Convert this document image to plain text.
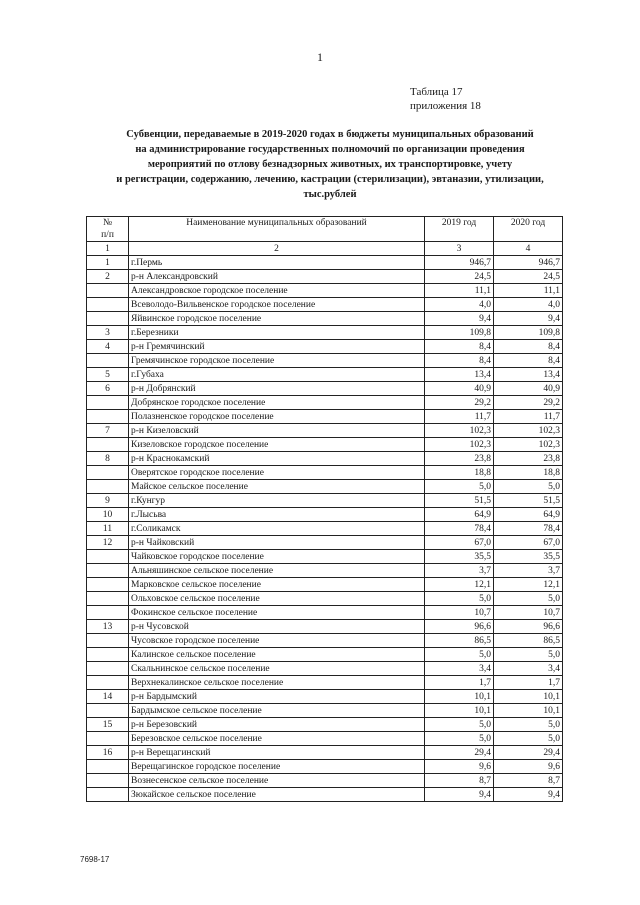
1
Таблица 17
приложения 18
Субвенции, передаваемые в 2019-2020 годах в бюджеты муниципальных образований
на администрирование государственных полномочий по организации проведения
мероприятий по отлову безнадзорных животных, их транспортировке, учету
и регистрации, содержанию, лечению, кастрации (стерилизации), эвтаназии, утилизации,
тыс.рублей
№
п/п	Наименование муниципальных образований	2019 год	2020 год
1	2	3	4
1	г.Пермь	946,7	946,7
2	р-н Александровский	24,5	24,5
	Александровское городское поселение	11,1	11,1
	Всеволодо-Вильвенское городское поселение	4,0	4,0
	Яйвинское городское поселение	9,4	9,4
3	г.Березники	109,8	109,8
4	р-н Гремячинский	8,4	8,4
	Гремячинское городское поселение	8,4	8,4
5	г.Губаха	13,4	13,4
6	р-н Добрянский	40,9	40,9
	Добрянское городское поселение	29,2	29,2
	Полазненское городское поселение	11,7	11,7
7	р-н Кизеловский	102,3	102,3
	Кизеловское городское поселение	102,3	102,3
8	р-н Краснокамский	23,8	23,8
	Оверятское городское поселение	18,8	18,8
	Майское сельское поселение	5,0	5,0
9	г.Кунгур	51,5	51,5
10	г.Лысьва	64,9	64,9
11	г.Соликамск	78,4	78,4
12	р-н Чайковский	67,0	67,0
	Чайковское городское поселение	35,5	35,5
	Альняшинское сельское поселение	3,7	3,7
	Марковское сельское поселение	12,1	12,1
	Ольховское сельское поселение	5,0	5,0
	Фокинское сельское поселение	10,7	10,7
13	р-н Чусовской	96,6	96,6
	Чусовское городское поселение	86,5	86,5
	Калинское сельское поселение	5,0	5,0
	Скальнинское сельское поселение	3,4	3,4
	Верхнекалинское сельское поселение	1,7	1,7
14	р-н Бардымский	10,1	10,1
	Бардымское сельское поселение	10,1	10,1
15	р-н Березовский	5,0	5,0
	Березовское сельское поселение	5,0	5,0
16	р-н Верещагинский	29,4	29,4
	Верещагинское городское поселение	9,6	9,6
	Вознесенское сельское поселение	8,7	8,7
	Зюкайское сельское поселение	9,4	9,4
7698-17
